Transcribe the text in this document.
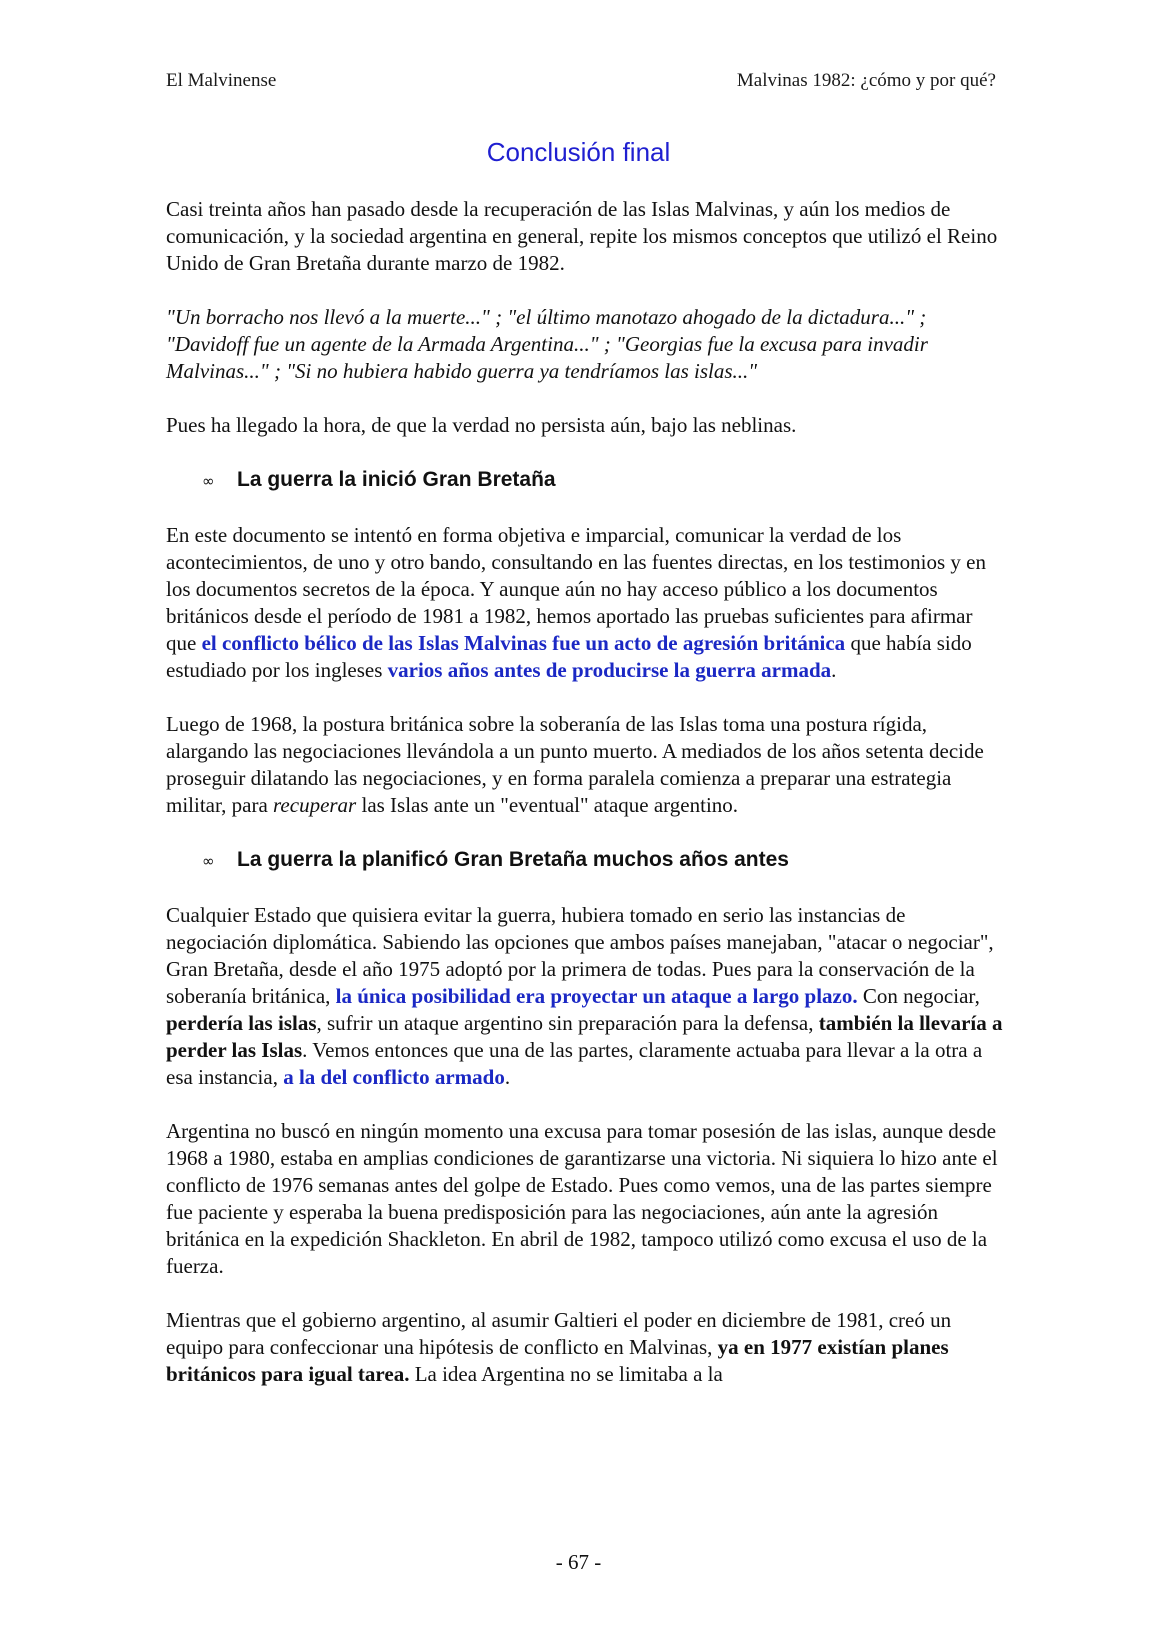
El Malvinense	Malvinas 1982: ¿cómo y por qué?
Conclusión final

Casi treinta años han pasado desde la recuperación de las Islas Malvinas, y aún los medios de comunicación, y la sociedad argentina en general, repite los mismos conceptos que utilizó el Reino Unido de Gran Bretaña durante marzo de 1982.

"Un borracho nos llevó a la muerte..." ; "el último manotazo ahogado de la dictadura..." ; "Davidoff fue un agente de la Armada Argentina..." ; "Georgias fue la excusa para invadir Malvinas..." ; "Si no hubiera habido guerra ya tendríamos las islas..."

Pues ha llegado la hora, de que la verdad no persista aún, bajo las neblinas.

∞	La guerra la inició Gran Bretaña

En este documento se intentó en forma objetiva e imparcial, comunicar la verdad de los acontecimientos, de uno y otro bando, consultando en las fuentes directas, en los testimonios y en los documentos secretos de la época. Y aunque aún no hay acceso público a los documentos británicos desde el período de 1981 a 1982, hemos aportado las pruebas suficientes para afirmar que el conflicto bélico de las Islas Malvinas fue un acto de agresión británica que había sido estudiado por los ingleses varios años antes de producirse la guerra armada.

Luego de 1968, la postura británica sobre la soberanía de las Islas toma una postura rígida, alargando las negociaciones llevándola a un punto muerto. A mediados de los años setenta decide proseguir dilatando las negociaciones, y en forma paralela comienza a preparar una estrategia militar, para recuperar las Islas ante un "eventual" ataque argentino.

∞	La guerra la planificó Gran Bretaña muchos años antes

Cualquier Estado que quisiera evitar la guerra, hubiera tomado en serio las instancias de negociación diplomática. Sabiendo las opciones que ambos países manejaban, "atacar o negociar", Gran Bretaña, desde el año 1975 adoptó por la primera de todas. Pues para la conservación de la soberanía británica, la única posibilidad era proyectar un ataque a largo plazo. Con negociar, perdería las islas, sufrir un ataque argentino sin preparación para la defensa, también la llevaría a perder las Islas. Vemos entonces que una de las partes, claramente actuaba para llevar a la otra a esa instancia, a la del conflicto armado.

Argentina no buscó en ningún momento una excusa para tomar posesión de las islas, aunque desde 1968 a 1980, estaba en amplias condiciones de garantizarse una victoria. Ni siquiera lo hizo ante el conflicto de 1976 semanas antes del golpe de Estado. Pues como vemos, una de las partes siempre fue paciente y esperaba la buena predisposición para las negociaciones, aún ante la agresión británica en la expedición Shackleton. En abril de 1982, tampoco utilizó como excusa el uso de la fuerza.

Mientras que el gobierno argentino, al asumir Galtieri el poder en diciembre de 1981, creó un equipo para confeccionar una hipótesis de conflicto en Malvinas, ya en 1977 existían planes británicos para igual tarea. La idea Argentina no se limitaba a la

- 67 -
